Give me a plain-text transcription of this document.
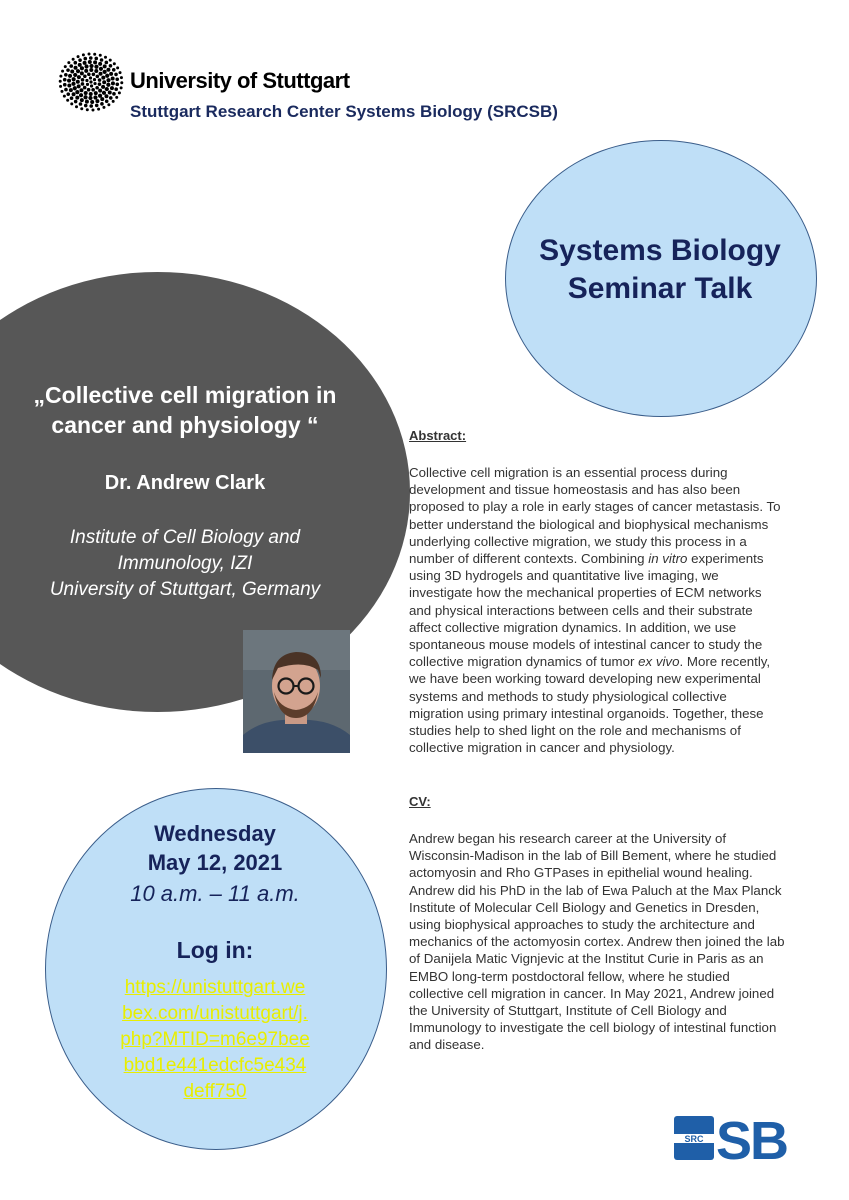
University of Stuttgart
Stuttgart Research Center Systems Biology (SRCSB)
Systems Biology
Seminar Talk
„Collective cell migration in
cancer and physiology “
Dr. Andrew Clark
Institute of Cell Biology and
Immunology, IZI
University of Stuttgart, Germany
Wednesday
May 12, 2021
10 a.m. – 11 a.m.
Log in:
https://unistuttgart.we
bex.com/unistuttgart/j.
php?MTID=m6e97bee
bbd1e441edcfc5e434
deff750
Abstract:
Collective cell migration is an essential process during
development and tissue homeostasis and has also been
proposed to play a role in early stages of cancer metastasis. To
better understand the biological and biophysical mechanisms
underlying collective migration, we study this process in a
number of different contexts. Combining in vitro experiments
using 3D hydrogels and quantitative live imaging, we
investigate how the mechanical properties of ECM networks
and physical interactions between cells and their substrate
affect collective migration dynamics. In addition, we use
spontaneous mouse models of intestinal cancer to study the
collective migration dynamics of tumor ex vivo. More recently,
we have been working toward developing new experimental
systems and methods to study physiological collective
migration using primary intestinal organoids. Together, these
studies help to shed light on the role and mechanisms of
collective migration in cancer and physiology.
CV:
Andrew began his research career at the University of
Wisconsin-Madison in the lab of Bill Bement, where he studied
actomyosin and Rho GTPases in epithelial wound healing.
Andrew did his PhD in the lab of Ewa Paluch at the Max Planck
Institute of Molecular Cell Biology and Genetics in Dresden,
using biophysical approaches to study the architecture and
mechanics of the actomyosin cortex. Andrew then joined the lab
of Danijela Matic Vignjevic at the Institut Curie in Paris as an
EMBO long-term postdoctoral fellow, where he studied
collective cell migration in cancer. In May 2021, Andrew joined
the University of Stuttgart, Institute of Cell Biology and
Immunology to investigate the cell biology of intestinal function
and disease.
SRC SB
